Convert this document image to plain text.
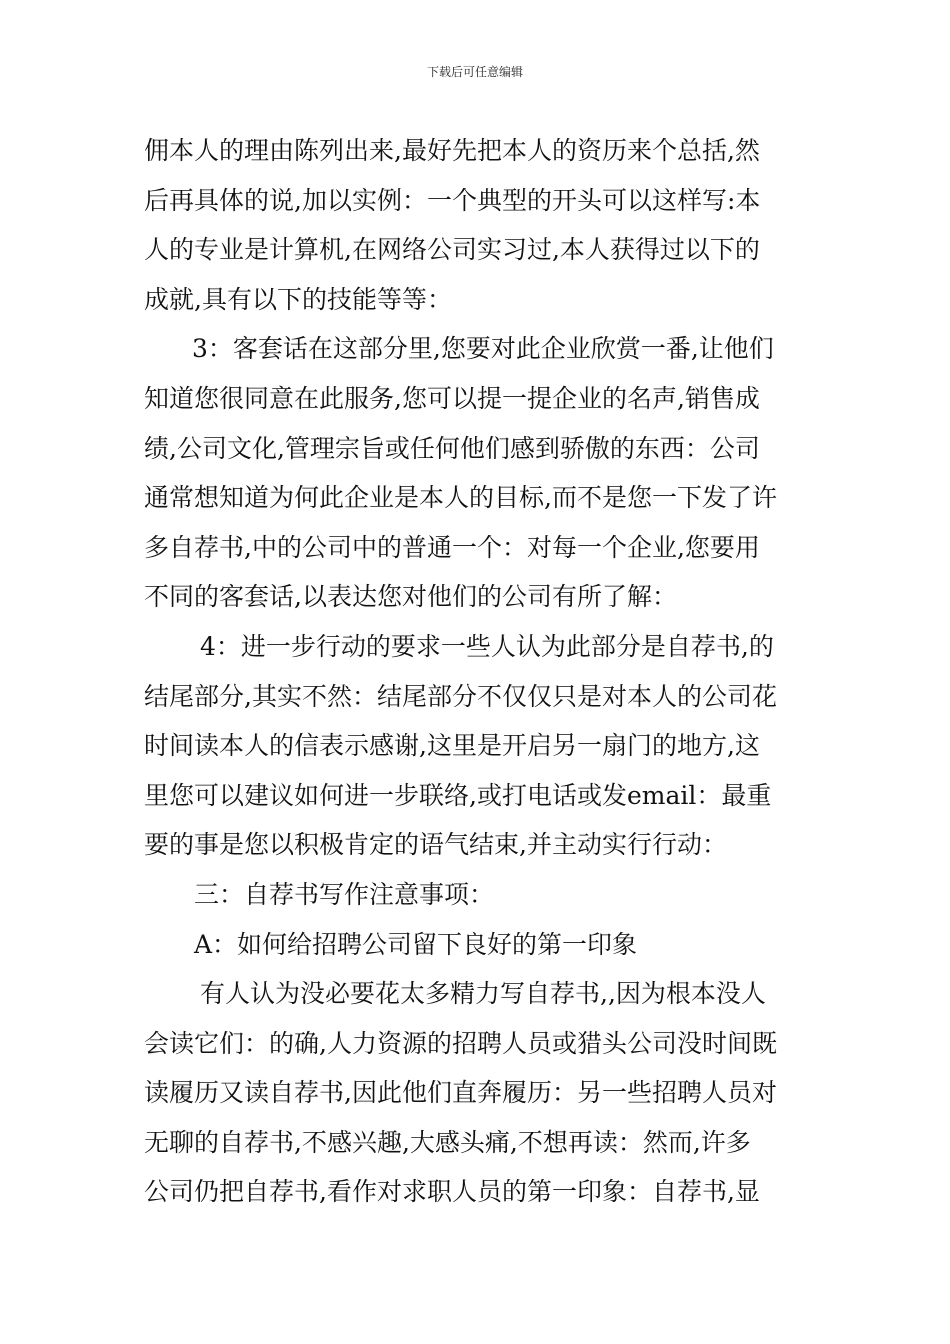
下载后可任意编辑
佣本人的理由陈列出来,最好先把本人的资历来个总括,然
后再具体的说,加以实例：一个典型的开头可以这样写:本
人的专业是计算机,在网络公司实习过,本人获得过以下的
成就,具有以下的技能等等：
3：客套话在这部分里,您要对此企业欣赏一番,让他们
知道您很同意在此服务,您可以提一提企业的名声,销售成
绩,公司文化,管理宗旨或任何他们感到骄傲的东西：公司
通常想知道为何此企业是本人的目标,而不是您一下发了许
多自荐书,中的公司中的普通一个：对每一个企业,您要用
不同的客套话,以表达您对他们的公司有所了解：
4：进一步行动的要求一些人认为此部分是自荐书,的
结尾部分,其实不然：结尾部分不仅仅只是对本人的公司花
时间读本人的信表示感谢,这里是开启另一扇门的地方,这
里您可以建议如何进一步联络,或打电话或发email：最重
要的事是您以积极肯定的语气结束,并主动实行行动：
三：自荐书写作注意事项：
A：如何给招聘公司留下良好的第一印象
有人认为没必要花太多精力写自荐书,,因为根本没人
会读它们：的确,人力资源的招聘人员或猎头公司没时间既
读履历又读自荐书,因此他们直奔履历：另一些招聘人员对
无聊的自荐书,不感兴趣,大感头痛,不想再读：然而,许多
公司仍把自荐书,看作对求职人员的第一印象：自荐书,显
